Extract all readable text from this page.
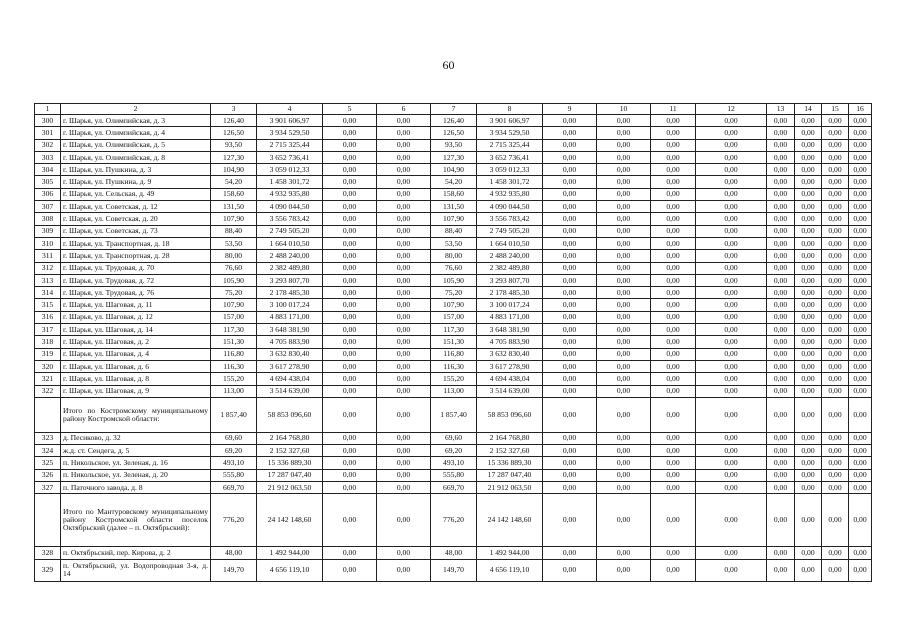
60
1	2	3	4	5	6	7	8	9	10	11	12	13	14	15	16
300	г. Шарья, ул. Олимпийская, д. 3	126,40	3 901 606,97	0,00	0,00	126,40	3 901 606,97	0,00	0,00	0,00	0,00	0,00	0,00	0,00	0,00
301	г. Шарья, ул. Олимпийская, д. 4	126,50	3 934 529,50	0,00	0,00	126,50	3 934 529,50	0,00	0,00	0,00	0,00	0,00	0,00	0,00	0,00
302	г. Шарья, ул. Олимпийская, д. 5	93,50	2 715 325,44	0,00	0,00	93,50	2 715 325,44	0,00	0,00	0,00	0,00	0,00	0,00	0,00	0,00
303	г. Шарья, ул. Олимпийская, д. 8	127,30	3 652 736,41	0,00	0,00	127,30	3 652 736,41	0,00	0,00	0,00	0,00	0,00	0,00	0,00	0,00
304	г. Шарья, ул. Пушкина, д. 3	104,90	3 059 012,33	0,00	0,00	104,90	3 059 012,33	0,00	0,00	0,00	0,00	0,00	0,00	0,00	0,00
305	г. Шарья, ул. Пушкина, д. 9	54,20	1 458 301,72	0,00	0,00	54,20	1 458 301,72	0,00	0,00	0,00	0,00	0,00	0,00	0,00	0,00
306	г. Шарья, ул. Сельская, д. 49	158,60	4 932 935,80	0,00	0,00	158,60	4 932 935,80	0,00	0,00	0,00	0,00	0,00	0,00	0,00	0,00
307	г. Шарья, ул. Советская, д. 12	131,50	4 090 044,50	0,00	0,00	131,50	4 090 044,50	0,00	0,00	0,00	0,00	0,00	0,00	0,00	0,00
308	г. Шарья, ул. Советская, д. 20	107,90	3 556 783,42	0,00	0,00	107,90	3 556 783,42	0,00	0,00	0,00	0,00	0,00	0,00	0,00	0,00
309	г. Шарья, ул. Советская, д. 73	88,40	2 749 505,20	0,00	0,00	88,40	2 749 505,20	0,00	0,00	0,00	0,00	0,00	0,00	0,00	0,00
310	г. Шарья, ул. Транспортная, д. 18	53,50	1 664 010,50	0,00	0,00	53,50	1 664 010,50	0,00	0,00	0,00	0,00	0,00	0,00	0,00	0,00
311	г. Шарья, ул. Транспортная, д. 28	80,00	2 488 240,00	0,00	0,00	80,00	2 488 240,00	0,00	0,00	0,00	0,00	0,00	0,00	0,00	0,00
312	г. Шарья, ул. Трудовая, д. 70	76,60	2 382 489,80	0,00	0,00	76,60	2 382 489,80	0,00	0,00	0,00	0,00	0,00	0,00	0,00	0,00
313	г. Шарья, ул. Трудовая, д. 72	105,90	3 293 807,70	0,00	0,00	105,90	3 293 807,70	0,00	0,00	0,00	0,00	0,00	0,00	0,00	0,00
314	г. Шарья, ул. Трудовая, д. 76	75,20	2 178 485,30	0,00	0,00	75,20	2 178 485,30	0,00	0,00	0,00	0,00	0,00	0,00	0,00	0,00
315	г. Шарья, ул. Шаговая, д. 11	107,90	3 100 017,24	0,00	0,00	107,90	3 100 017,24	0,00	0,00	0,00	0,00	0,00	0,00	0,00	0,00
316	г. Шарья, ул. Шаговая, д. 12	157,00	4 883 171,00	0,00	0,00	157,00	4 883 171,00	0,00	0,00	0,00	0,00	0,00	0,00	0,00	0,00
317	г. Шарья, ул. Шаговая, д. 14	117,30	3 648 381,90	0,00	0,00	117,30	3 648 381,90	0,00	0,00	0,00	0,00	0,00	0,00	0,00	0,00
318	г. Шарья, ул. Шаговая, д. 2	151,30	4 705 883,90	0,00	0,00	151,30	4 705 883,90	0,00	0,00	0,00	0,00	0,00	0,00	0,00	0,00
319	г. Шарья, ул. Шаговая, д. 4	116,80	3 632 830,40	0,00	0,00	116,80	3 632 830,40	0,00	0,00	0,00	0,00	0,00	0,00	0,00	0,00
320	г. Шарья, ул. Шаговая, д. 6	116,30	3 617 278,90	0,00	0,00	116,30	3 617 278,90	0,00	0,00	0,00	0,00	0,00	0,00	0,00	0,00
321	г. Шарья, ул. Шаговая, д. 8	155,20	4 694 438,04	0,00	0,00	155,20	4 694 438,04	0,00	0,00	0,00	0,00	0,00	0,00	0,00	0,00
322	г. Шарья, ул. Шаговая, д. 9	113,00	3 514 639,00	0,00	0,00	113,00	3 514 639,00	0,00	0,00	0,00	0,00	0,00	0,00	0,00	0,00
	Итого по Костромскому муниципальному району Костромской области:	1 857,40	58 853 096,60	0,00	0,00	1 857,40	58 853 096,60	0,00	0,00	0,00	0,00	0,00	0,00	0,00	0,00
323	д. Песиково, д. 32	69,60	2 164 768,80	0,00	0,00	69,60	2 164 768,80	0,00	0,00	0,00	0,00	0,00	0,00	0,00	0,00
324	ж.д. ст. Сендега, д. 5	69,20	2 152 327,60	0,00	0,00	69,20	2 152 327,60	0,00	0,00	0,00	0,00	0,00	0,00	0,00	0,00
325	п. Никольское, ул. Зеленая, д. 16	493,10	15 336 889,30	0,00	0,00	493,10	15 336 889,30	0,00	0,00	0,00	0,00	0,00	0,00	0,00	0,00
326	п. Никольское, ул. Зеленая, д. 20	555,80	17 287 047,40	0,00	0,00	555,80	17 287 047,40	0,00	0,00	0,00	0,00	0,00	0,00	0,00	0,00
327	п. Паточного завода, д. 8	669,70	21 912 063,50	0,00	0,00	669,70	21 912 063,50	0,00	0,00	0,00	0,00	0,00	0,00	0,00	0,00
	Итого по Мантуровскому муниципальному району Костромской области поселок Октябрьский (далее – п. Октябрьский):	776,20	24 142 148,60	0,00	0,00	776,20	24 142 148,60	0,00	0,00	0,00	0,00	0,00	0,00	0,00	0,00
328	п. Октябрьский, пер. Кирова, д. 2	48,00	1 492 944,00	0,00	0,00	48,00	1 492 944,00	0,00	0,00	0,00	0,00	0,00	0,00	0,00	0,00
329	п. Октябрьский, ул. Водопроводная 3-я, д. 14	149,70	4 656 119,10	0,00	0,00	149,70	4 656 119,10	0,00	0,00	0,00	0,00	0,00	0,00	0,00	0,00
